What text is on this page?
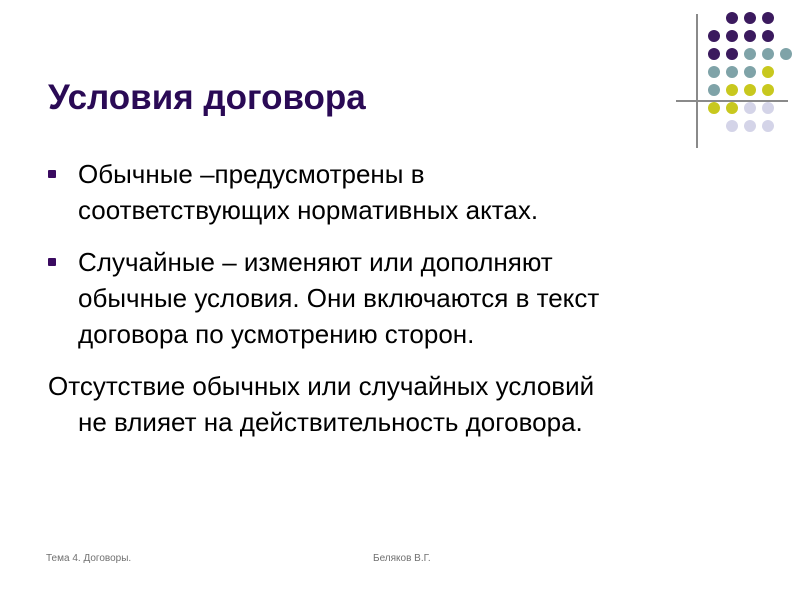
Условия договора
Обычные –предусмотрены в
соответствующих нормативных актах.
Случайные – изменяют или дополняют
обычные условия. Они включаются в текст
договора по усмотрению сторон.
Отсутствие обычных или случайных условий
не влияет на действительность договора.
Тема 4. Договоры.	Беляков В.Г.
